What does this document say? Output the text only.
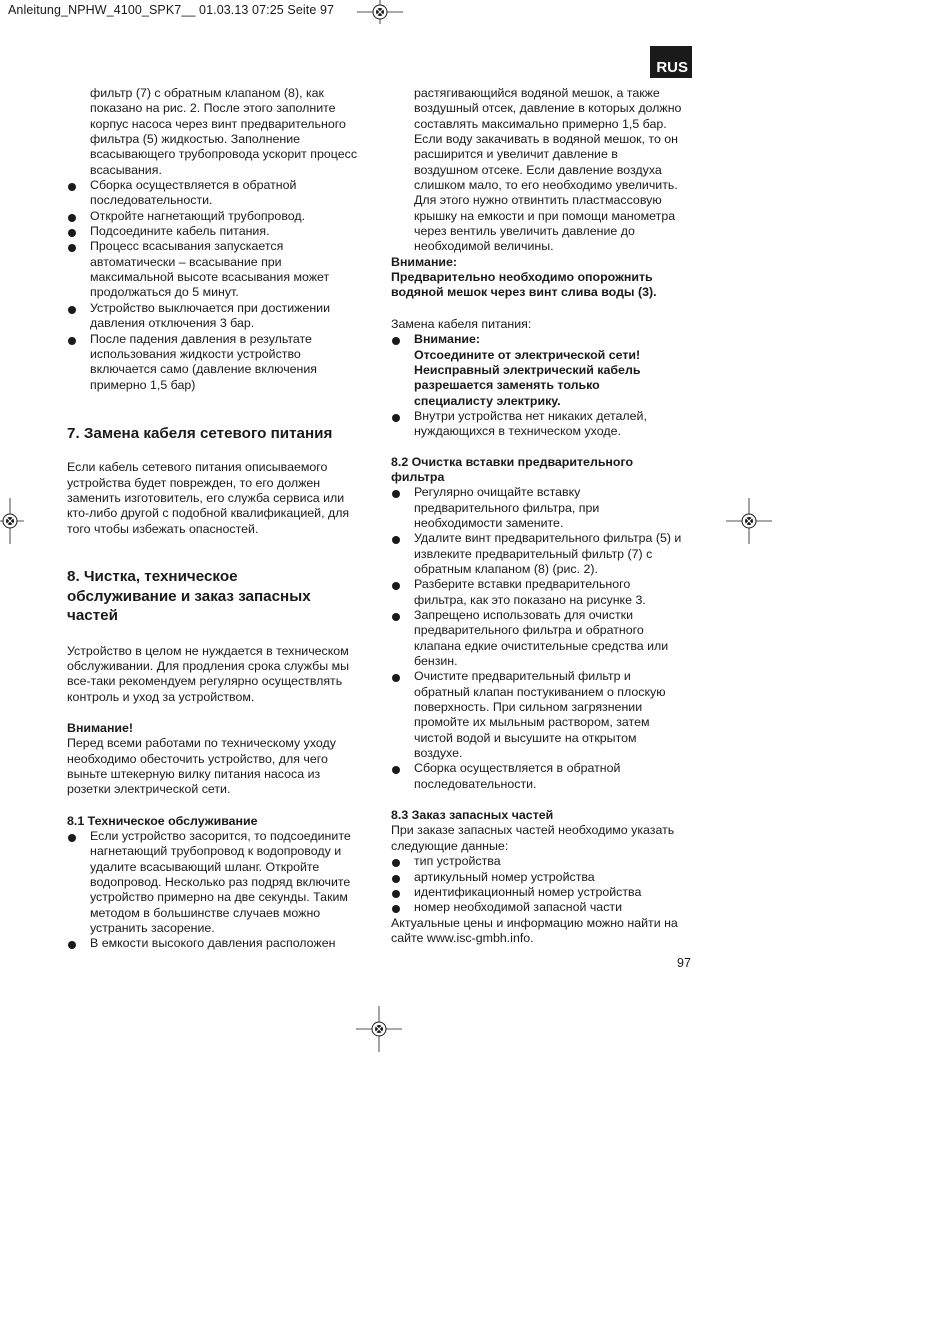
Anleitung_NPHW_4100_SPK7__ 01.03.13 07:25 Seite 97
RUS
фильтр (7) с обратным клапаном (8), как
показано на рис. 2. После этого заполните
корпус насоса через винт предварительного
фильтра (5) жидкостью. Заполнение
всасывающего трубопровода ускорит процесс
всасывания.
Сборка осуществляется в обратной
последовательности.
Откройте нагнетающий трубопровод.
Подсоедините кабель питания.
Процесс всасывания запускается
автоматически – всасывание при
максимальной высоте всасывания может
продолжаться до 5 минут.
Устройство выключается при достижении
давления отключения 3 бар.
После падения давления в результате
использования жидкости устройство
включается само (давление включения
примерно 1,5 бар)
7. Замена кабеля сетевого питания
Если кабель сетевого питания описываемого
устройства будет поврежден, то его должен
заменить изготовитель, его служба сервиса или
кто-либо другой с подобной квалификацией, для
того чтобы избежать опасностей.
8. Чистка, техническое
обслуживание и заказ запасных
частей
Устройство в целом не нуждается в техническом
обслуживании. Для продления срока службы мы
все-таки рекомендуем регулярно осуществлять
контроль и уход за устройством.
Внимание!
Перед всеми работами по техническому уходу
необходимо обесточить устройство, для чего
выньте штекерную вилку питания насоса из
розетки электрической сети.
8.1 Техническое обслуживание
Если устройство засорится, то подсоедините
нагнетающий трубопровод к водопроводу и
удалите всасывающий шланг. Откройте
водопровод. Несколько раз подряд включите
устройство примерно на две секунды. Таким
методом в большинстве случаев можно
устранить засорение.
В емкости высокого давления расположен
растягивающийся водяной мешок, а также
воздушный отсек, давление в которых должно
составлять максимально примерно 1,5 бар.
Если воду закачивать в водяной мешок, то он
расширится и увеличит давление в
воздушном отсеке. Если давление воздуха
слишком мало, то его необходимо увеличить.
Для этого нужно отвинтить пластмассовую
крышку на емкости и при помощи манометра
через вентиль увеличить давление до
необходимой величины.
Внимание:
Предварительно необходимо опорожнить
водяной мешок через винт слива воды (3).
Замена кабеля питания:
Внимание:
Отсоедините от электрической сети!
Неисправный электрический кабель
разрешается заменять только
специалисту электрику.
Внутри устройства нет никаких деталей,
нуждающихся в техническом уходе.
8.2 Очистка вставки предварительного
фильтра
Регулярно очищайте вставку
предварительного фильтра, при
необходимости замените.
Удалите винт предварительного фильтра (5) и
извлеките предварительный фильтр (7) с
обратным клапаном (8) (рис. 2).
Разберите вставки предварительного
фильтра, как это показано на рисунке 3.
Запрещено использовать для очистки
предварительного фильтра и обратного
клапана едкие очистительные средства или
бензин.
Очистите предварительный фильтр и
обратный клапан постукиванием о плоскую
поверхность. При сильном загрязнении
промойте их мыльным раствором, затем
чистой водой и высушите на открытом
воздухе.
Сборка осуществляется в обратной
последовательности.
8.3 Заказ запасных частей
При заказе запасных частей необходимо указать
следующие данные:
тип устройства
артикульный номер устройства
идентификационный номер устройства
номер необходимой запасной части
Актуальные цены и информацию можно найти на
сайте www.isc-gmbh.info.
97
